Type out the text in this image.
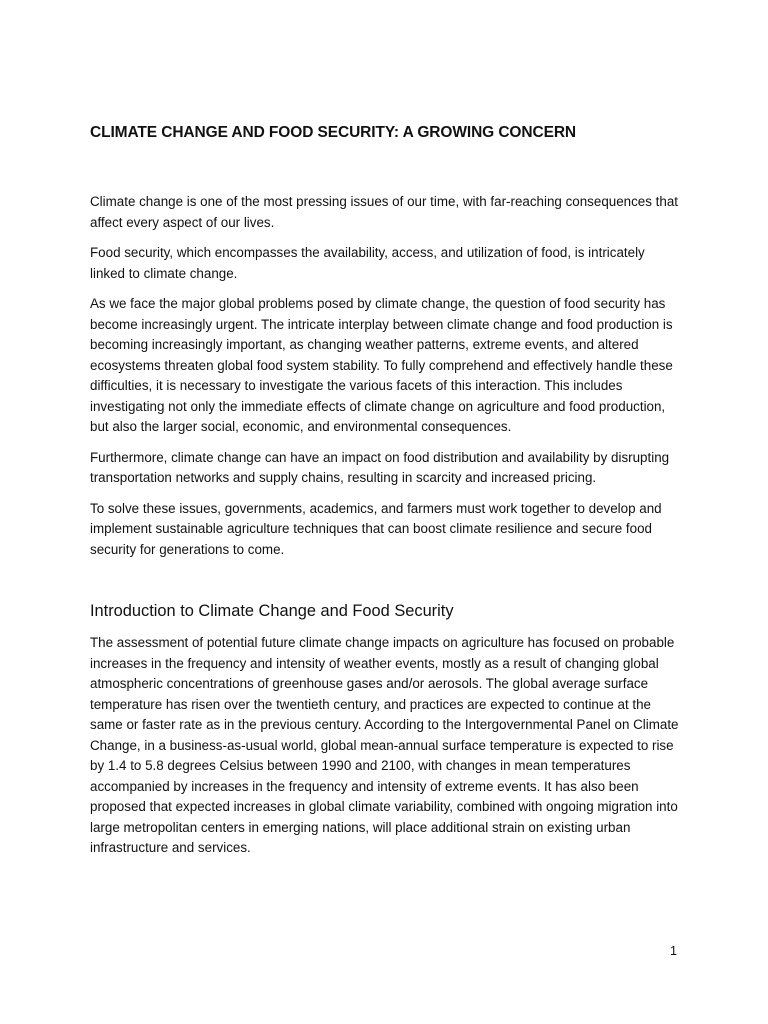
CLIMATE CHANGE AND FOOD SECURITY: A GROWING CONCERN

Climate change is one of the most pressing issues of our time, with far-reaching consequences that affect every aspect of our lives.

Food security, which encompasses the availability, access, and utilization of food, is intricately linked to climate change.

As we face the major global problems posed by climate change, the question of food security has become increasingly urgent. The intricate interplay between climate change and food production is becoming increasingly important, as changing weather patterns, extreme events, and altered ecosystems threaten global food system stability. To fully comprehend and effectively handle these difficulties, it is necessary to investigate the various facets of this interaction. This includes investigating not only the immediate effects of climate change on agriculture and food production, but also the larger social, economic, and environmental consequences.

Furthermore, climate change can have an impact on food distribution and availability by disrupting transportation networks and supply chains, resulting in scarcity and increased pricing.

To solve these issues, governments, academics, and farmers must work together to develop and implement sustainable agriculture techniques that can boost climate resilience and secure food security for generations to come.

Introduction to Climate Change and Food Security

The assessment of potential future climate change impacts on agriculture has focused on probable increases in the frequency and intensity of weather events, mostly as a result of changing global atmospheric concentrations of greenhouse gases and/or aerosols. The global average surface temperature has risen over the twentieth century, and practices are expected to continue at the same or faster rate as in the previous century. According to the Intergovernmental Panel on Climate Change, in a business-as-usual world, global mean-annual surface temperature is expected to rise by 1.4 to 5.8 degrees Celsius between 1990 and 2100, with changes in mean temperatures accompanied by increases in the frequency and intensity of extreme events. It has also been proposed that expected increases in global climate variability, combined with ongoing migration into large metropolitan centers in emerging nations, will place additional strain on existing urban infrastructure and services.

1
